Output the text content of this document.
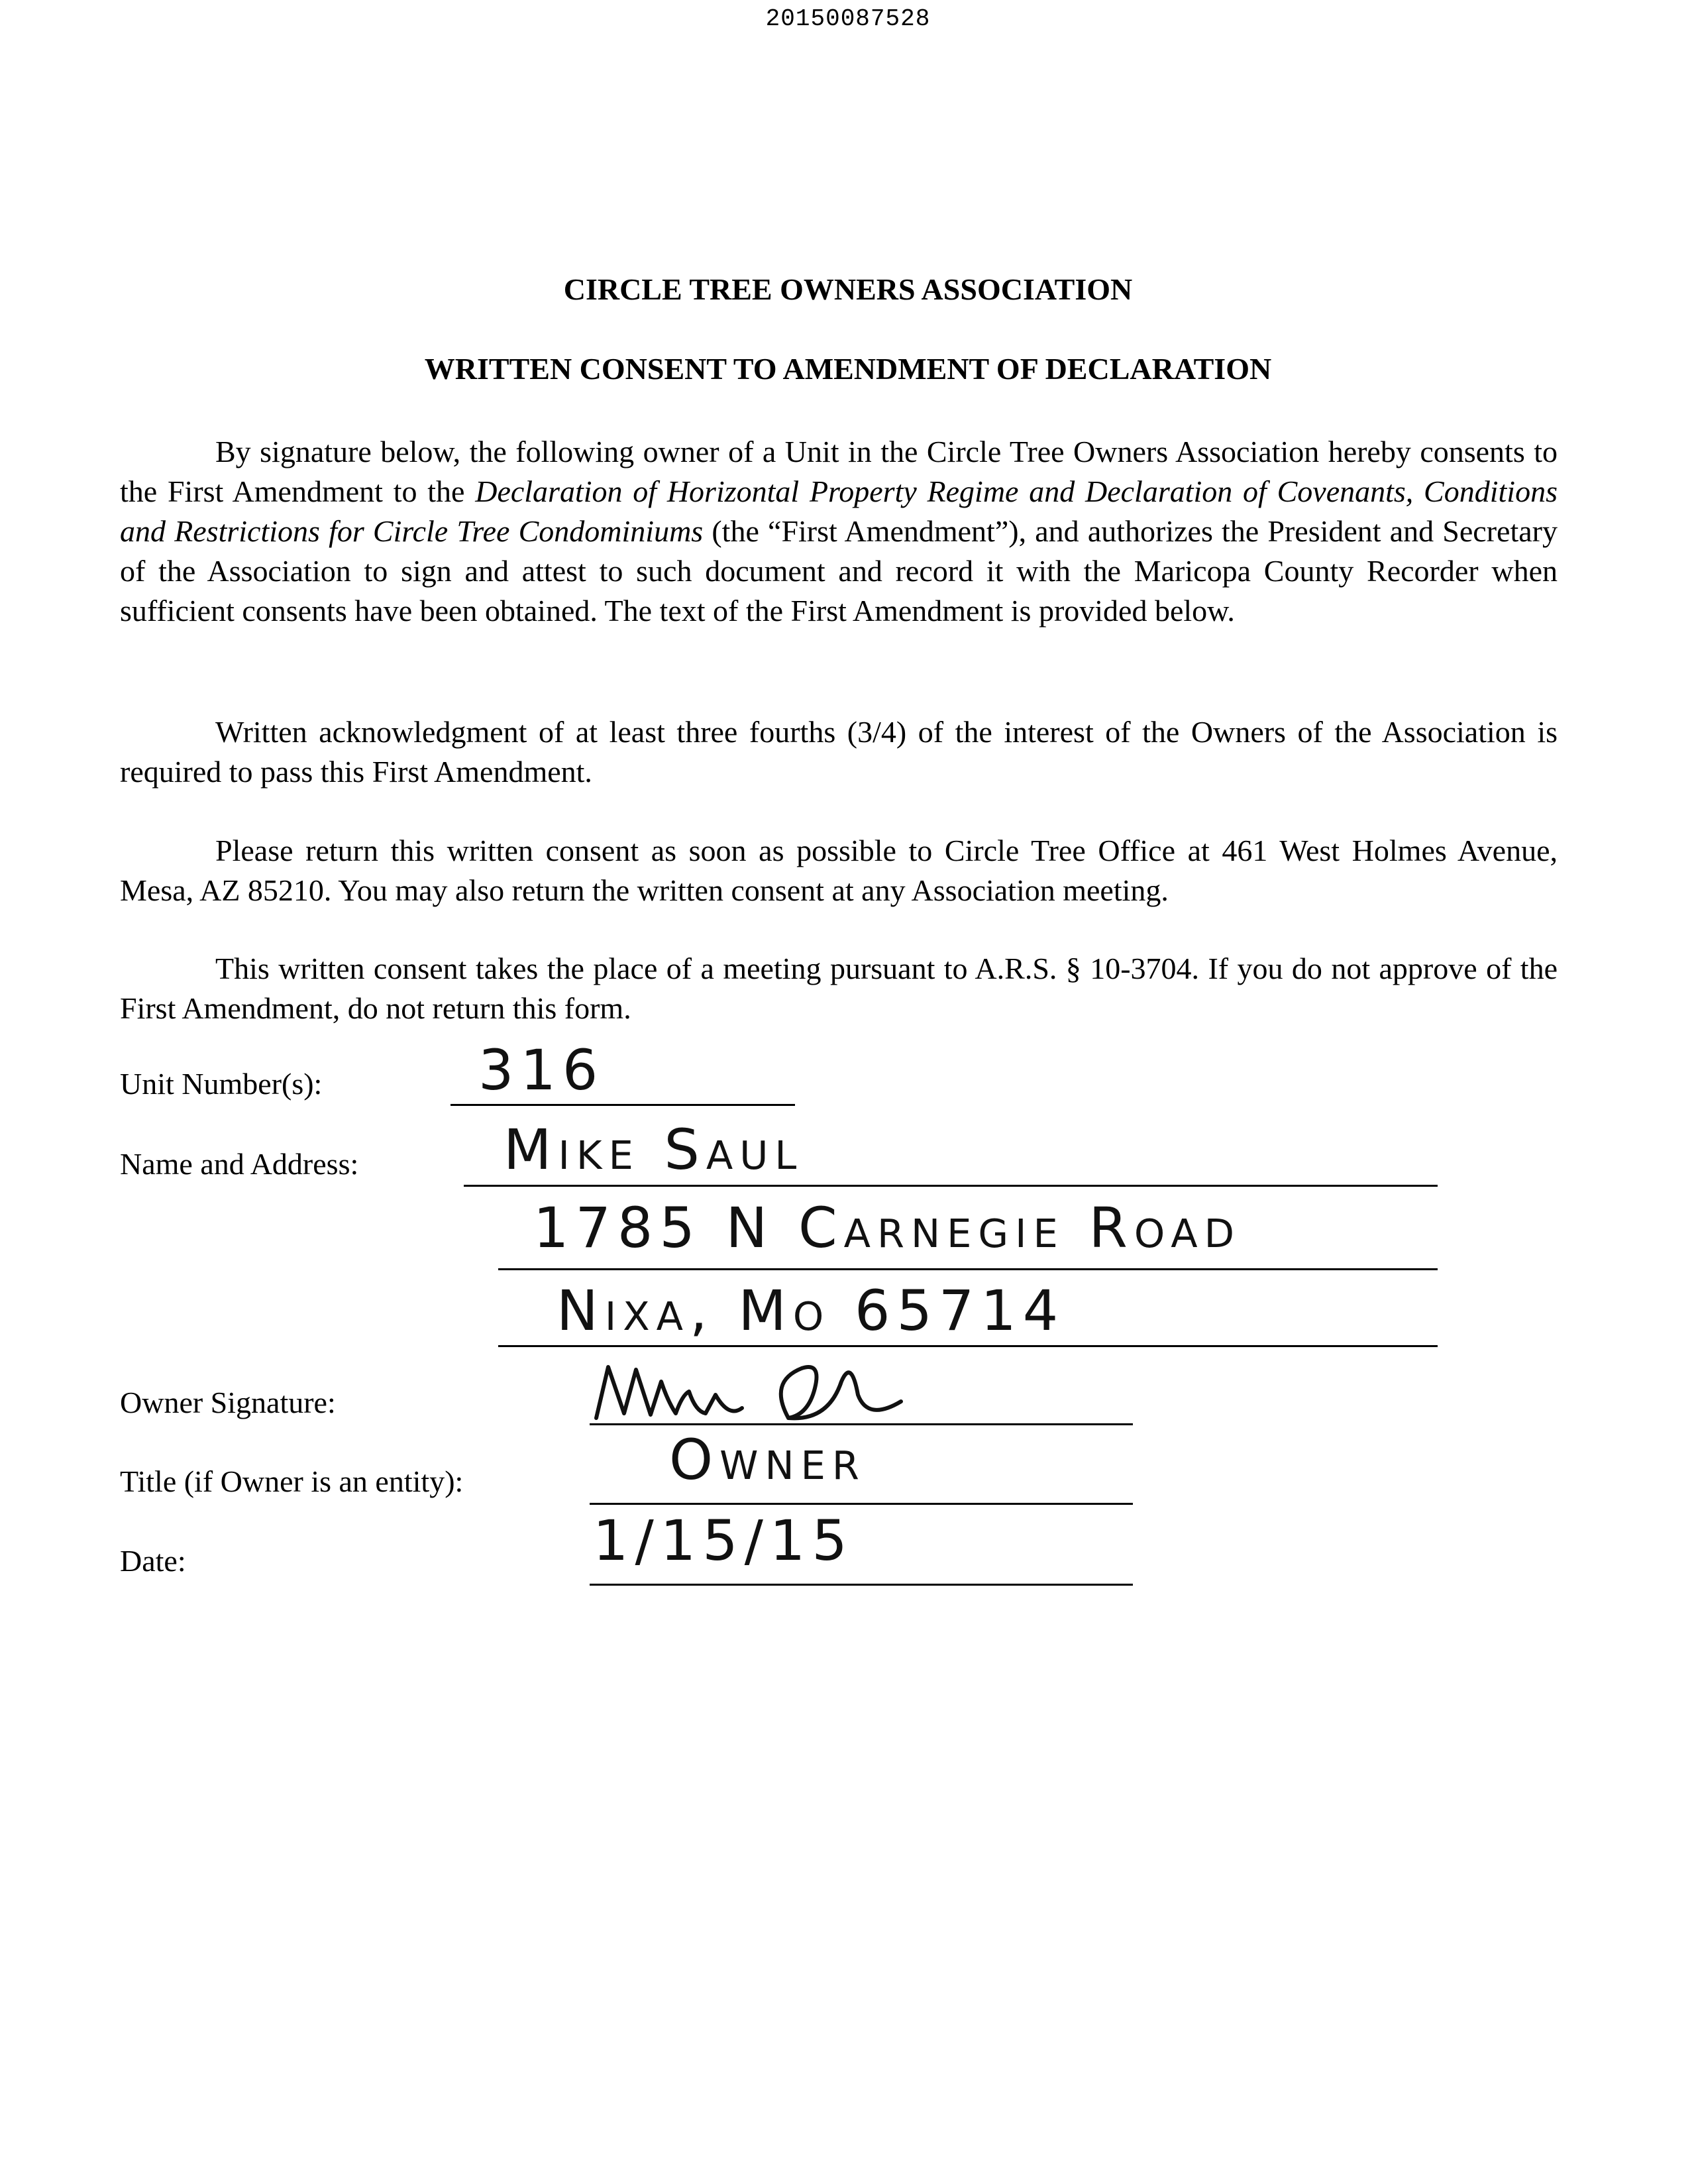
20150087528
CIRCLE TREE OWNERS ASSOCIATION
WRITTEN CONSENT TO AMENDMENT OF DECLARATION
By signature below, the following owner of a Unit in the Circle Tree Owners Association hereby consents to the First Amendment to the Declaration of Horizontal Property Regime and Declaration of Covenants, Conditions and Restrictions for Circle Tree Condominiums (the “First Amendment”), and authorizes the President and Secretary of the Association to sign and attest to such document and record it with the Maricopa County Recorder when sufficient consents have been obtained. The text of the First Amendment is provided below.
Written acknowledgment of at least three fourths (3/4) of the interest of the Owners of the Association is required to pass this First Amendment.
Please return this written consent as soon as possible to Circle Tree Office at 461 West Holmes Avenue, Mesa, AZ 85210. You may also return the written consent at any Association meeting.
This written consent takes the place of a meeting pursuant to A.R.S. § 10-3704. If you do not approve of the First Amendment, do not return this form.
Unit Number(s):	316
Name and Address:	Mike Saul
1785 N Carnegie Road
Nixa, Mo 65714
Owner Signature:
Title (if Owner is an entity):	Owner
Date:	1/15/15
